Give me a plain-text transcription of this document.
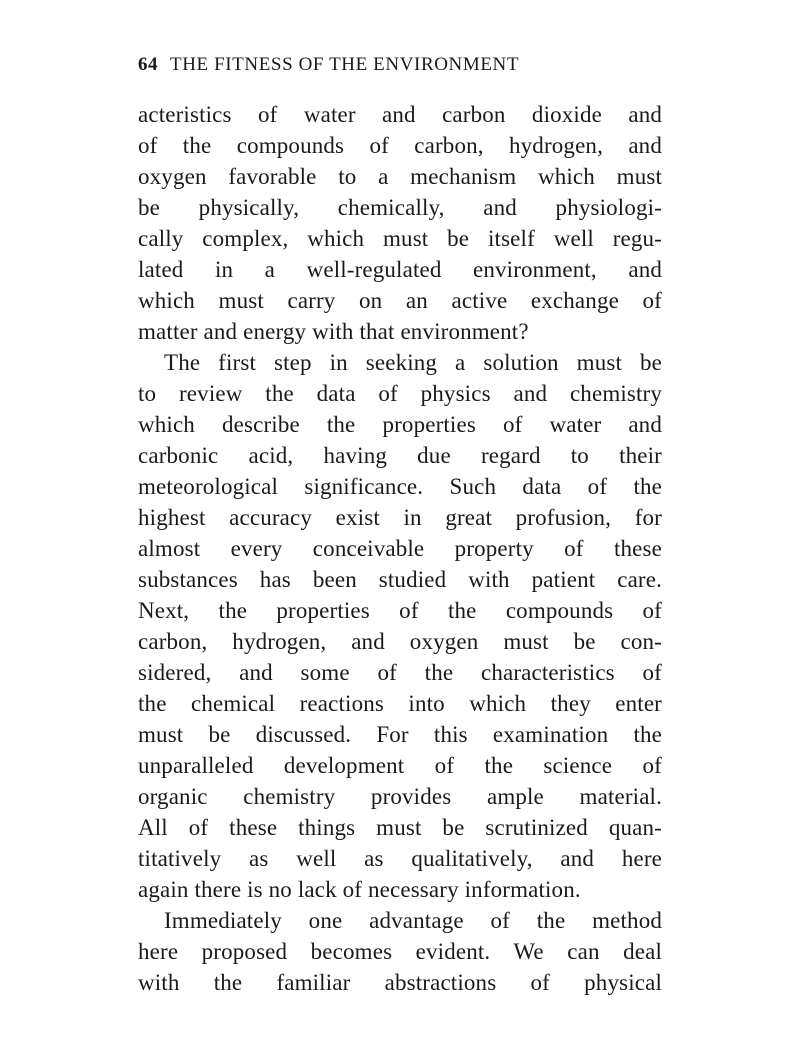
64 THE FITNESS OF THE ENVIRONMENT
acteristics of water and carbon dioxide and
of the compounds of carbon, hydrogen, and
oxygen favorable to a mechanism which must
be physically, chemically, and physiologi-
cally complex, which must be itself well regu-
lated in a well-regulated environment, and
which must carry on an active exchange of
matter and energy with that environment?
The first step in seeking a solution must be
to review the data of physics and chemistry
which describe the properties of water and
carbonic acid, having due regard to their
meteorological significance. Such data of the
highest accuracy exist in great profusion, for
almost every conceivable property of these
substances has been studied with patient care.
Next, the properties of the compounds of
carbon, hydrogen, and oxygen must be con-
sidered, and some of the characteristics of
the chemical reactions into which they enter
must be discussed. For this examination the
unparalleled development of the science of
organic chemistry provides ample material.
All of these things must be scrutinized quan-
titatively as well as qualitatively, and here
again there is no lack of necessary information.
Immediately one advantage of the method
here proposed becomes evident. We can deal
with the familiar abstractions of physical
